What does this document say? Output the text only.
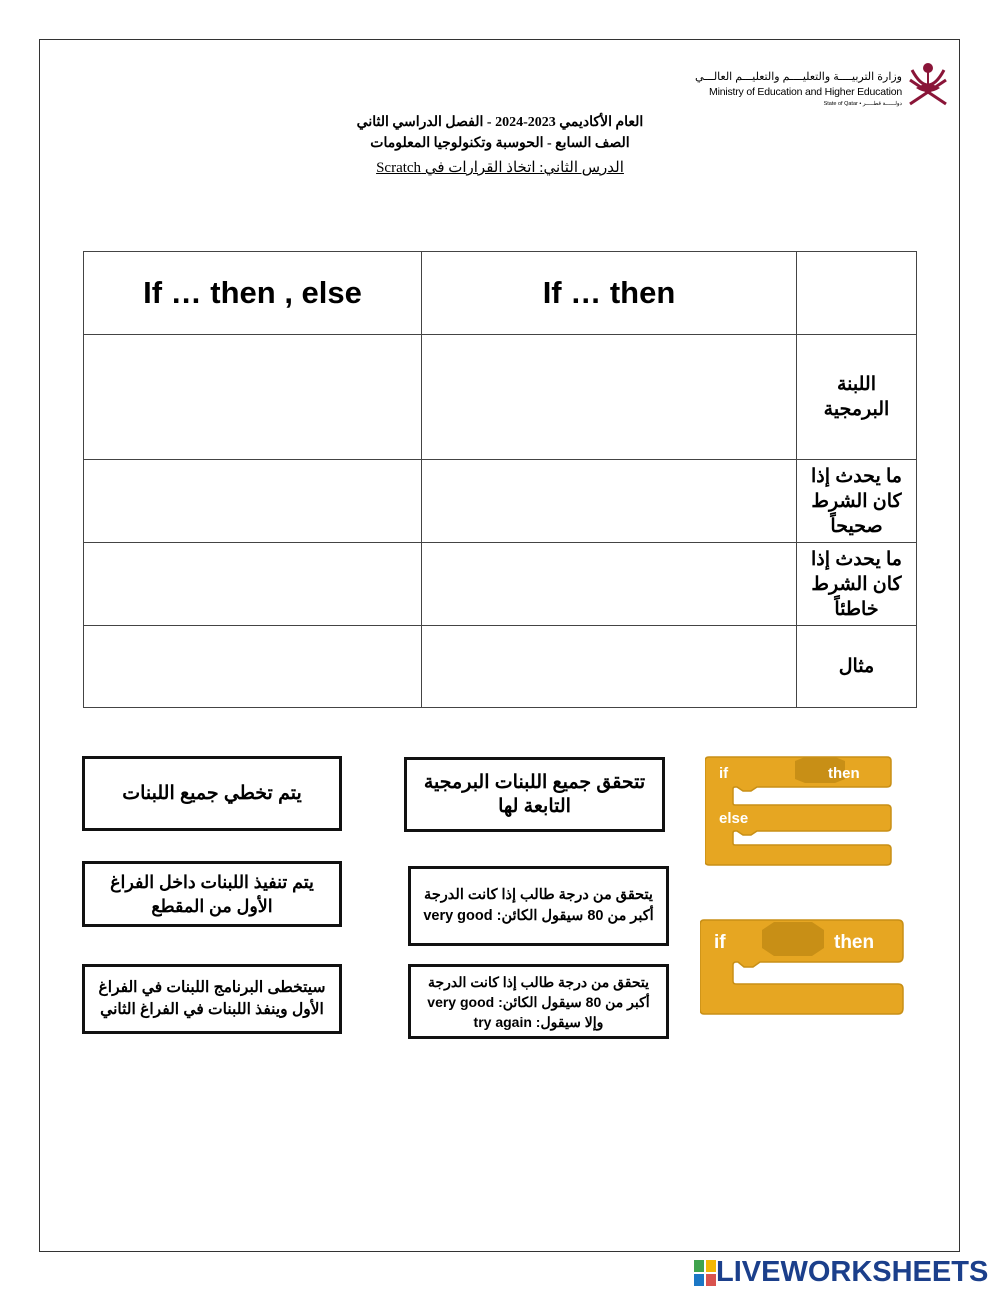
وزارة التربيــــة والتعليــــم والتعليـــم العالـــي
Ministry of Education and Higher Education
State of Qatar • دولــــــة قطـــــر
العام الأكاديمي 2023-2024 - الفصل الدراسي الثاني
الصف السابع - الحوسبة وتكنولوجيا المعلومات
الدرس الثاني: اتخاذ القرارات في Scratch
If … then , else	If … then	

		اللبنة البرمجية

		ما يحدث إذا كان الشرط صحيحاً

		ما يحدث إذا كان الشرط خاطئاً

		مثال
يتم تخطي جميع اللبنات
تتحقق جميع اللبنات البرمجية التابعة لها
يتم تنفيذ اللبنات داخل الفراغ الأول من المقطع
يتحقق من درجة طالب إذا كانت الدرجة أكبر من 80 سيقول الكائن: very good
سيتخطى البرنامج اللبنات في الفراغ الأول وينفذ اللبنات في الفراغ الثاني
يتحقق من درجة طالب إذا كانت الدرجة أكبر من 80 سيقول الكائن: very good وإلا سيقول: try again
if	then
else
if	then
LIVEWORKSHEETS
